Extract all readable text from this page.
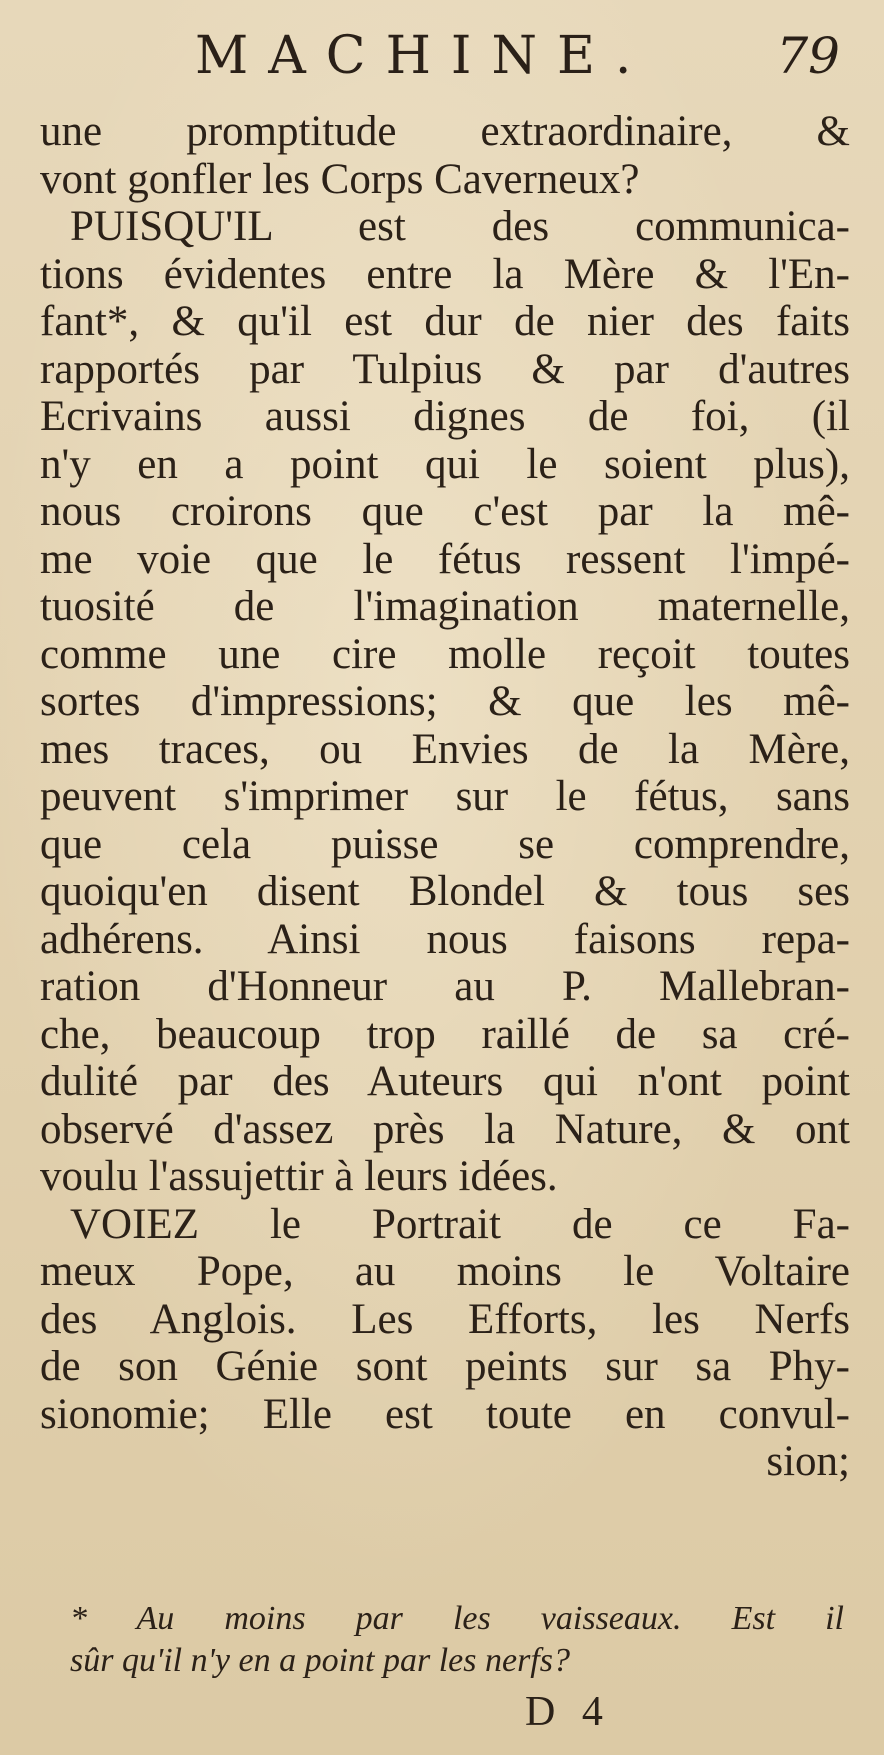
MACHINE. 79
une promptitude extraordinaire, &
vont gonfler les Corps Caverneux?
PUISQU'IL est des communica-
tions évidentes entre la Mère & l'En-
fant*, & qu'il est dur de nier des faits
rapportés par Tulpius & par d'autres
Ecrivains aussi dignes de foi, (il
n'y en a point qui le soient plus),
nous croirons que c'est par la mê-
me voie que le fétus ressent l'impé-
tuosité de l'imagination maternelle,
comme une cire molle reçoit toutes
sortes d'impressions; & que les mê-
mes traces, ou Envies de la Mère,
peuvent s'imprimer sur le fétus, sans
que cela puisse se comprendre,
quoiqu'en disent Blondel & tous ses
adhérens. Ainsi nous faisons repa-
ration d'Honneur au P. Mallebran-
che, beaucoup trop raillé de sa cré-
dulité par des Auteurs qui n'ont point
observé d'assez près la Nature, & ont
voulu l'assujettir à leurs idées.
VOIEZ le Portrait de ce Fa-
meux Pope, au moins le Voltaire
des Anglois. Les Efforts, les Nerfs
de son Génie sont peints sur sa Phy-
sionomie; Elle est toute en convul-
sion;
* Au moins par les vaisseaux. Est il
sûr qu'il n'y en a point par les nerfs?
D 4
